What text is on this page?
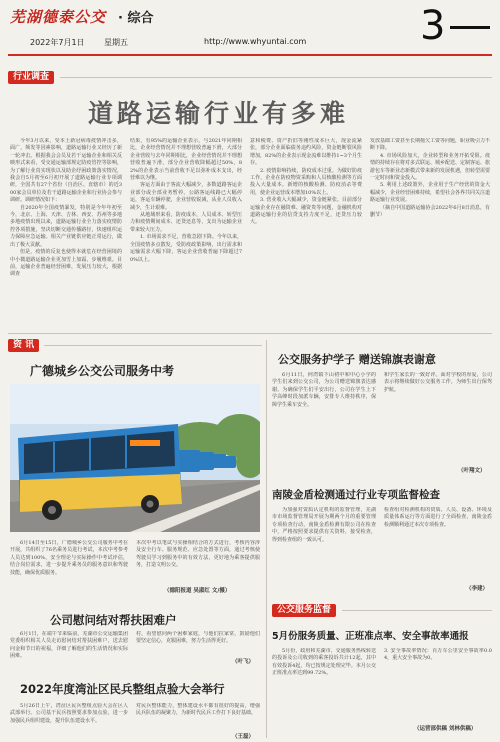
芜湖德泰公交 · 综合
2022年7月1日 星期五	http://www.whyuntai.com	3
行业调查
道路运输行业有多难
今年3月以来，受本土新冠病毒疫情冲击多，面广，频发等因素影响，道路运输行业又经历了新一轮冲击。根据我会会员及若干运输企业和相关反映形式来看，受交通运输部规定防疫管控等影响，为了解行业真实现状以及助企纾困政策落实情况，我会自5月初至6月初开展了道路运输行业专项调研，全国共有27个省份（自治区、直辖市）的近300家会员单位及若干道路运输企业和行业协会参与调研。调研情况如下：
自2020年全国疫情暴发，特别是今年年初至今，北京、上海、天津、吉林、西安、苏州等多地多地疫情出现以来，道路运输行业全力落实疫情防控各项措施，坚决切断交通传播路径，快速组织运力保障应急运输。相关产业链供应链正常运行，做出了极大贡献。
但是，疫情的反复也使得本就危在经营困境的中小微道路运输企业更加雪上加霜，步履维艰。目前，运输企业普遍经营困难，发展压力较大，根据调查
结果，有95%的运输企业表示，与2021年同期相比，企业经营情况并不理想营收普遍下滑，大部分企业营收与去年同期相比，企业经营情况并不理想营收普遍下滑，部分企业营收降幅超过50%，82%的企业表示当前营收不足以弥补成本支出，经营难以为继。
客运方面由于客流大幅减少，多数道路客运企业部分或全部业务暂停。公路客运线路已大幅停运，客运车辆停驶，企业营收锐减，从业人员收入减少，生计艰难。
从地域形来看，防疫成本，人员成本、转型压力和疫情期间成本、还贷还息等，支出为运输企业带来较大压力。
1. 市场需求不足，营收急剧下降。今年以来，全国疫情多点散发，受防疫政策影响，出行需求和运输需求大幅下降，客运企业营收普遍下降超过70%以上。
意和税费、资产折旧等刚性成本巨大，现金流紧张，部分企业面临债务违约风险，资金链断裂风险增加，82%的企业表示现金流难以维持1~3个月生存。
2. 疫情影响持续，防疫成本过重。为做好防疫工作，企业在防疫物资采购和人员核酸检测等方面投入大量成本。新增的核酸检测、防疫消杀等费用，使企业运营成本增加10%以上。
3. 营业收入大幅减少，资金链紧张。目前部分运输企业存在融资难、融资贵等问题，金融机构对道路运输行业的信贷支持力度不足，还贷压力较大。
发放基础工资甚至长期拖欠工资等问题，职业吸引力不断下降。
4. 市场风险加大，企业转型和业务开拓受阻。疫情的持续存在将对多式联运、城乡配送、定制客运、旅游包车等新业态新模式带来新的发展机遇，但转型需要一定时间和资金投入。
5. 利用上述政策外，企业用于生产经营的资金大幅减少，企业经营困难持续，希望社会各界共同关注道路运输行业发展。
（摘自中国道路运输协会2022年6月8日消息，有删节）
资 讯
广德城乡公交公司服务中考
6月14日至15日，广德城乡公交公司服务中考在开展，共组织了76名乘务员进行考试，本次中考参考人员达到100%，安全理论与实际操作中考试评估，结合岗位需求，进一步提升乘务员的服务意识和驾驶技能，确保优质服务。
本次中考以笔试与实操相结合的方式进行，考核内容涉及安全行车、服务规范、应急处置等方面，通过考核使驾驶员学习到服务中的有效方法，更好地为乘客提供服务，打造文明公交。
（德阳报道 吴淑红 文/摄）
公司慰问结对帮扶困难户
6月1日，在端午节来临前，芜湖市公交运输集团党委组织相关人员走访慰问结对帮扶困难户，送去慰问金和节日的祝福，详细了解他们的生活情况和实际困难。
村，看望慰问两个困难家庭，与他们拉家常，鼓励他们要坚定信心，克服困难，努力生活得更好。
（叶飞）
2022年度湾沚区民兵整组点验大会举行
5月26日上午，湾沚区民兵整组点验大会在区人武部举行。公司基干民兵按照要求参加点验，进一步加强民兵组织建设，提升队伍建设水平。
对民兵整体能力，整体建设水平都有很好的提高，增强民兵队伍的凝聚力，为新时代民兵工作打下良好基础。
（王磊）
公交服务护学子 赠送锦旗表谢意
6月11日，何湾镇下山初中和中心小学的学生们来到公交公司，为公司赠送锦旗表达感谢。为确保学生们平安出行，公司在学生上下学高峰时段加派车辆，安排专人维持秩序，保障学生乘车安全。
和学生家长的一致好评。面对学校的厚爱，公司表示将继续做好公交服务工作，为师生出行保驾护航。
（叶翔文）
南陵金盾检测通过行业专项监督检查
为加强对资质认定机构的监督管理，芜湖市市场监督管理局开展为期两个月的重要管理专项检查行动，南陵金盾检测有限公司在检查中，严格按照要求提供有关资料，接受检查，得到检查组的一致认可。
检查组对检测机构的资质、人员、设备、环境及质量体系运行等方面进行了全面检查，南陵金盾检测顺利通过本次专项检查。
（李建）
公交服务监督
5月份服务质量、正班准点率、安全事故率通报
5月份，政府和芜湖市、交通服务热线转送的投诉及公司收到的乘客投诉共计12起，其中有效投诉4起，均已按规定处理完毕。本月公交正班准点率达到99.72%。
3. 安全事故率情况：百万车公里安全事故率0.04，重大安全事故为0。
（运营部供稿 刘林供稿）
